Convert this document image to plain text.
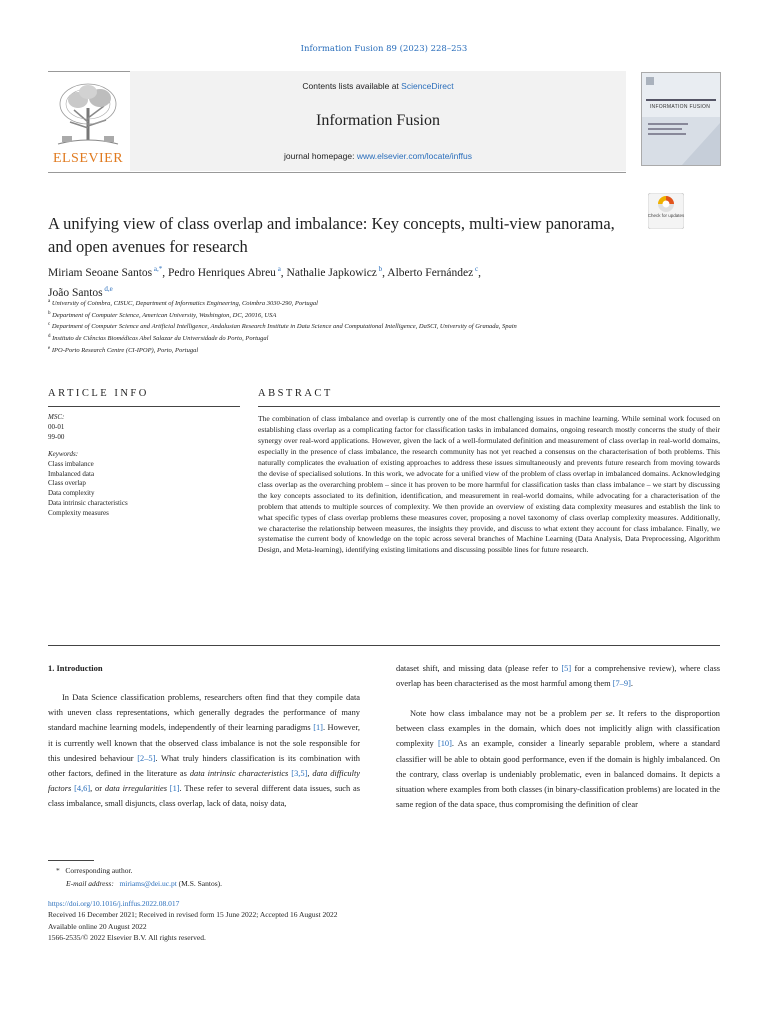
Information Fusion 89 (2023) 228–253
ELSEVIER
Contents lists available at ScienceDirect
Information Fusion
journal homepage: www.elsevier.com/locate/inffus
INFORMATION FUSION
A unifying view of class overlap and imbalance: Key concepts, multi-view panorama, and open avenues for research
Check for updates
Miriam Seoane Santos $^{a,*}$, Pedro Henriques Abreu $^a$, Nathalie Japkowicz $^b$, Alberto Fernández $^c$,
João Santos $^{d,e}$
$^a$ University of Coimbra, CISUC, Department of Informatics Engineering, Coimbra 3030-290, Portugal
$^b$ Department of Computer Science, American University, Washington, DC, 20016, USA
$^c$ Department of Computer Science and Artificial Intelligence, Andalusian Research Institute in Data Science and Computational Intelligence, DaSCI, University of Granada, Spain
$^d$ Instituto de Ciências Biomédicas Abel Salazar da Universidade do Porto, Portugal
$^e$ IPO-Porto Research Centre (CI-IPOP), Porto, Portugal
ARTICLE INFO	ABSTRACT
MSC:
00-01
99-00
Keywords:
Class imbalance
Imbalanced data
Class overlap
Data complexity
Data intrinsic characteristics
Complexity measures
The combination of class imbalance and overlap is currently one of the most challenging issues in machine learning. While seminal work focused on establishing class overlap as a complicating factor for classification tasks in imbalanced domains, ongoing research mostly concerns the study of their synergy over real-word applications. However, given the lack of a well-formulated definition and measurement of class overlap in real-world domains, especially in the presence of class imbalance, the research community has not yet reached a consensus on the characterisation of both problems. This naturally complicates the evaluation of existing approaches to address these issues simultaneously and prevents future research from moving towards the devise of specialised solutions. In this work, we advocate for a unified view of the problem of class overlap in imbalanced domains. Acknowledging class overlap as the overarching problem – since it has proven to be more harmful for classification tasks than class imbalance – we start by discussing the key concepts associated to its definition, identification, and measurement in real-world domains, while advocating for a characterisation of the problem that attends to multiple sources of complexity. We then provide an overview of existing data complexity measures and establish the link to what specific types of class overlap problems these measures cover, proposing a novel taxonomy of class overlap complexity measures. Additionally, we characterise the relationship between measures, the insights they provide, and discuss to what extent they account for class imbalance. Finally, we systematise the current body of knowledge on the topic across several branches of Machine Learning (Data Analysis, Data Preprocessing, Algorithm Design, and Meta-learning), identifying existing limitations and discussing possible lines for future research.
1. Introduction
In Data Science classification problems, researchers often find that they compile data with uneven class representations, which generally degrades the performance of many standard machine learning models, independently of their learning paradigms [1]. However, it is currently well known that the observed class imbalance is not the sole responsible for this undesired behaviour [2–5]. What truly hinders classification is its combination with other factors, defined in the literature as data intrinsic characteristics [3,5], data difficulty factors [4,6], or data irregularities [1]. These refer to several different data issues, such as class imbalance, small disjuncts, class overlap, lack of data, noisy data,
dataset shift, and missing data (please refer to [5] for a comprehensive review), where class overlap has been characterised as the most harmful among them [7–9].
Note how class imbalance may not be a problem per se. It refers to the disproportion between class examples in the domain, which does not implicitly align with classification complexity [10]. As an example, consider a linearly separable problem, where a standard classifier will be able to obtain good performance, even if the domain is highly imbalanced. On the contrary, class overlap is undeniably problematic, even in balanced domains. It depicts a situation where examples from both classes (in binary-classification problems) are located in the same region of the data space, thus compromising the definition of clear
* Corresponding author.
E-mail address: miriams@dei.uc.pt (M.S. Santos).
https://doi.org/10.1016/j.inffus.2022.08.017
Received 16 December 2021; Received in revised form 15 June 2022; Accepted 16 August 2022
Available online 20 August 2022
1566-2535/© 2022 Elsevier B.V. All rights reserved.
